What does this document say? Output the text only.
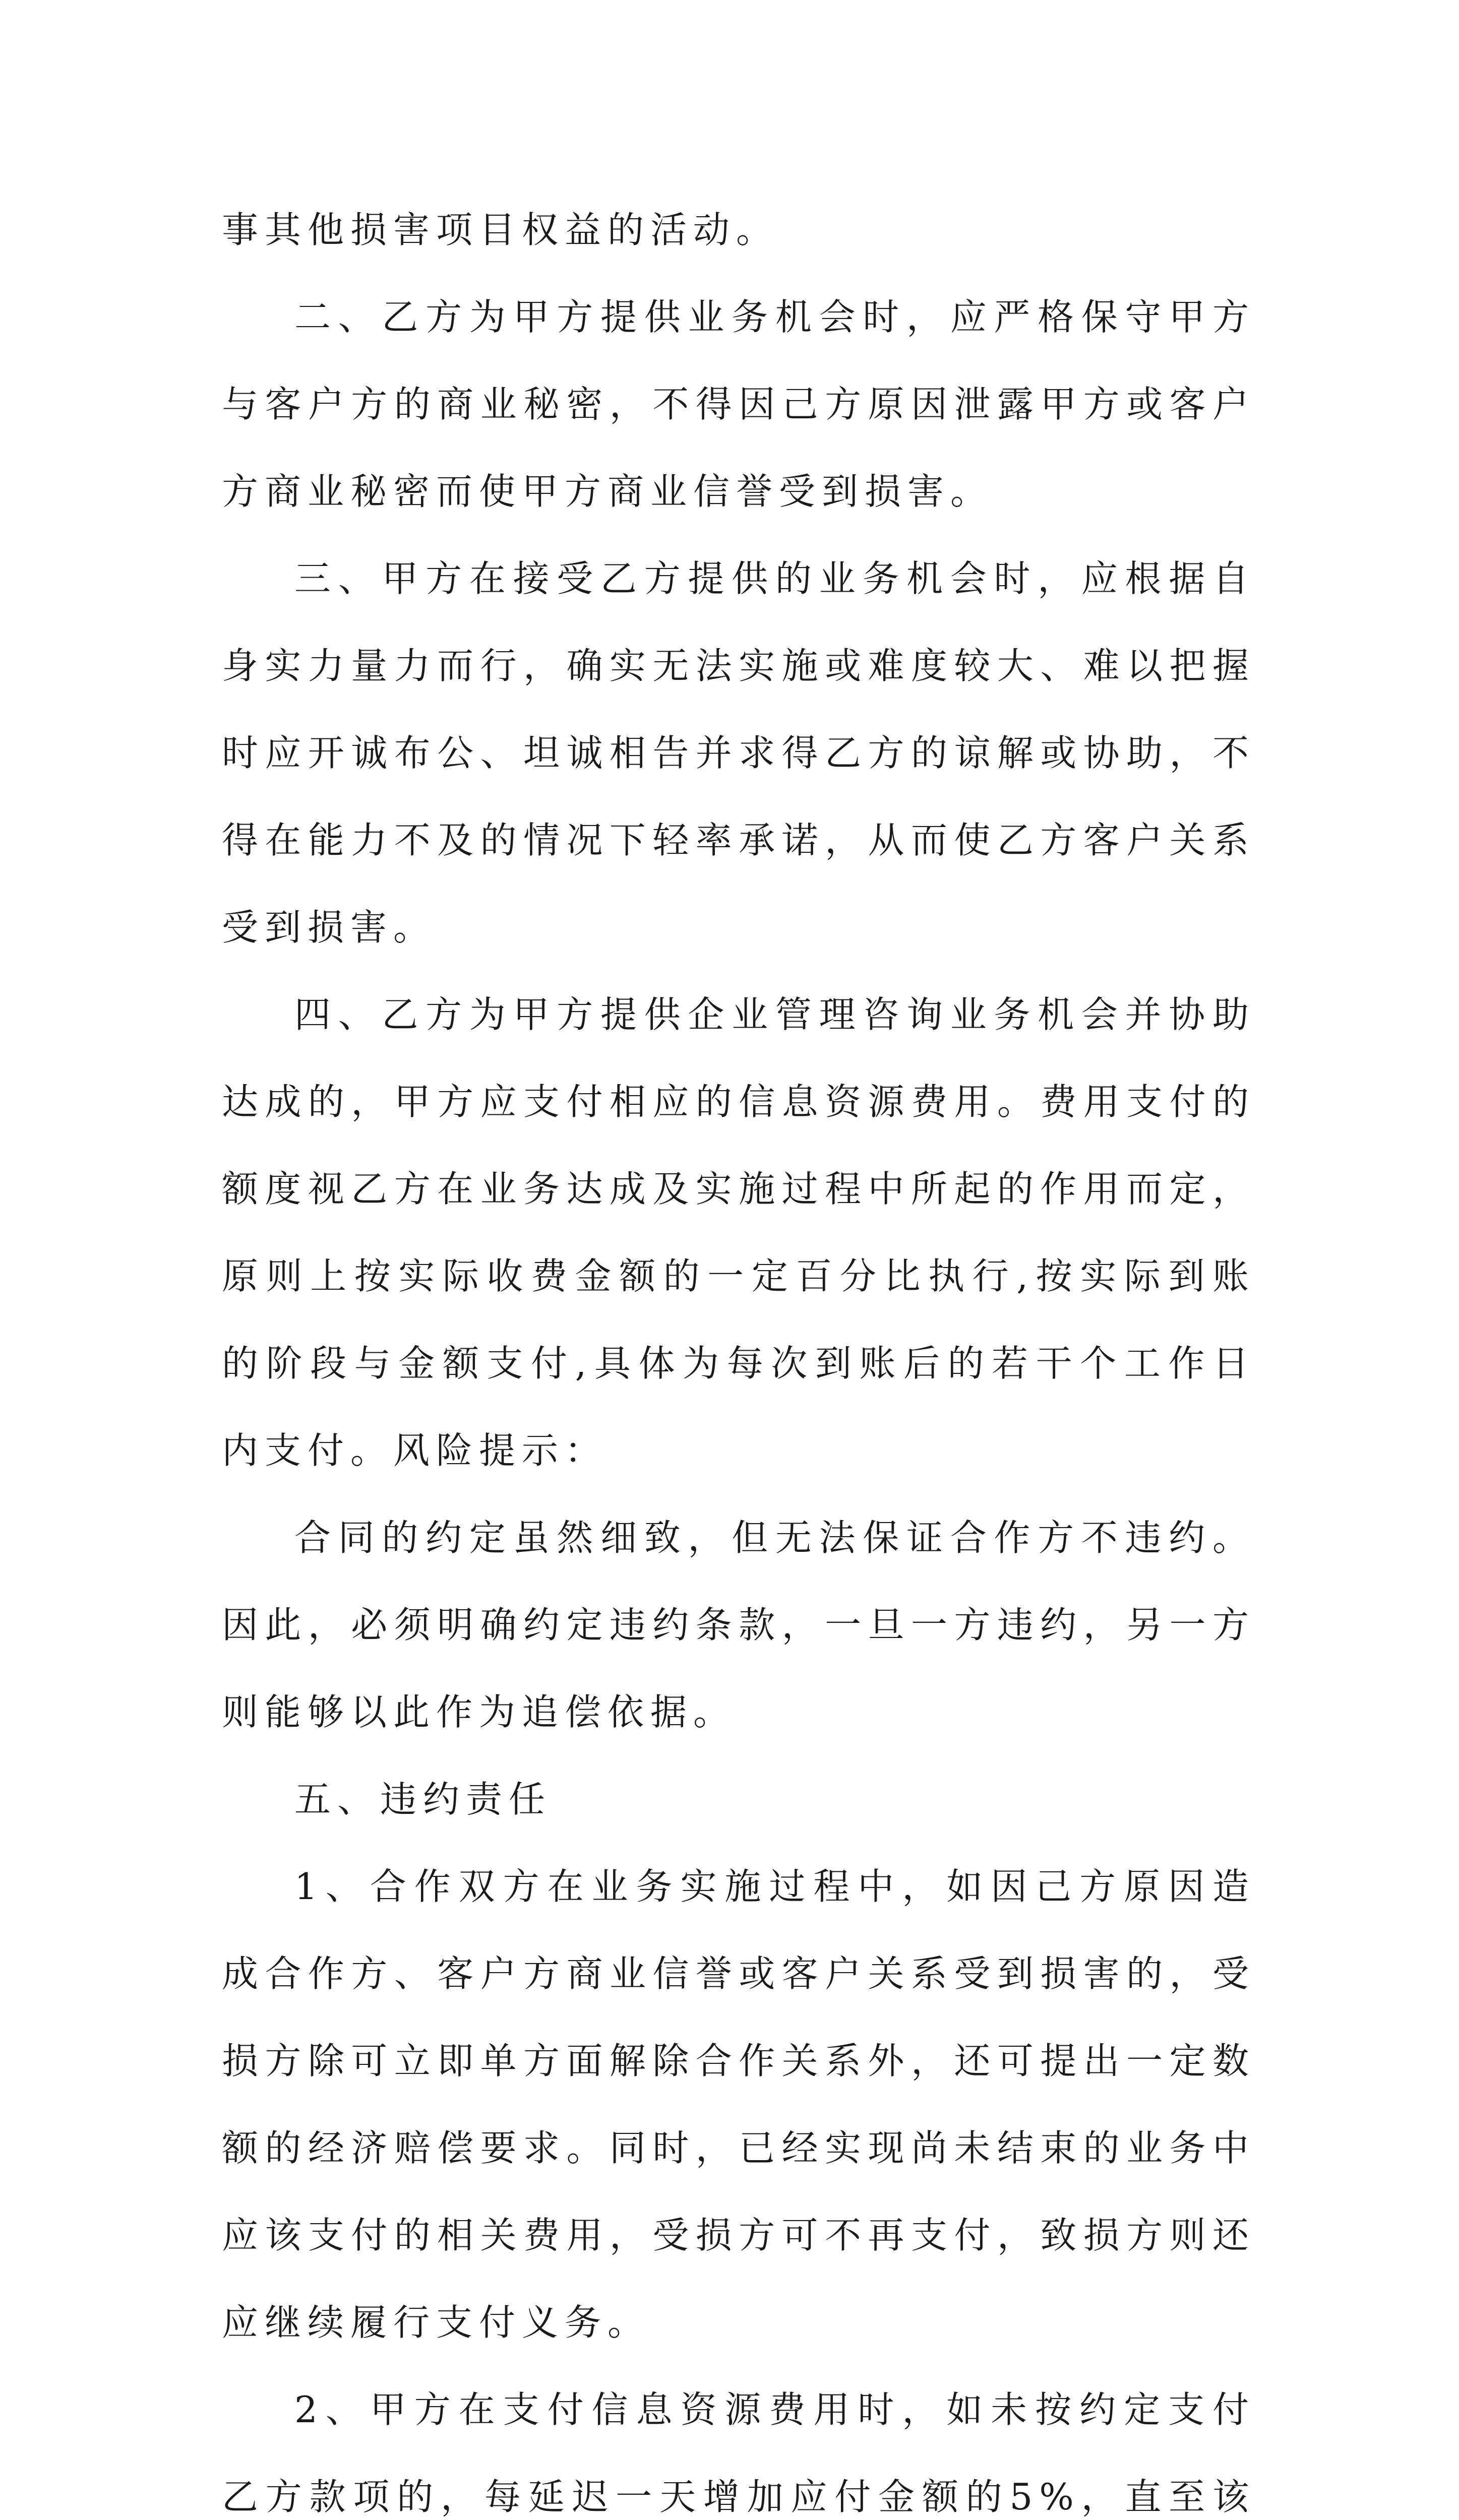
事其他损害项目权益的活动。

二、乙方为甲方提供业务机会时，应严格保守甲方与客户方的商业秘密，不得因己方原因泄露甲方或客户方商业秘密而使甲方商业信誉受到损害。

三、甲方在接受乙方提供的业务机会时，应根据自身实力量力而行，确实无法实施或难度较大、难以把握时应开诚布公、坦诚相告并求得乙方的谅解或协助，不得在能力不及的情况下轻率承诺，从而使乙方客户关系受到损害。

四、乙方为甲方提供企业管理咨询业务机会并协助达成的，甲方应支付相应的信息资源费用。费用支付的额度视乙方在业务达成及实施过程中所起的作用而定，原则上按实际收费金额的一定百分比执行,按实际到账的阶段与金额支付,具体为每次到账后的若干个工作日内支付。风险提示：

合同的约定虽然细致，但无法保证合作方不违约。因此，必须明确约定违约条款，一旦一方违约，另一方则能够以此作为追偿依据。

五、违约责任

1、合作双方在业务实施过程中，如因己方原因造成合作方、客户方商业信誉或客户关系受到损害的，受损方除可立即单方面解除合作关系外，还可提出一定数额的经济赔偿要求。同时，已经实现尚未结束的业务中应该支付的相关费用，受损方可不再支付，致损方则还应继续履行支付义务。

2、甲方在支付信息资源费用时，如未按约定支付乙方款项的，每延迟一天增加应付金额的5%，直至该
